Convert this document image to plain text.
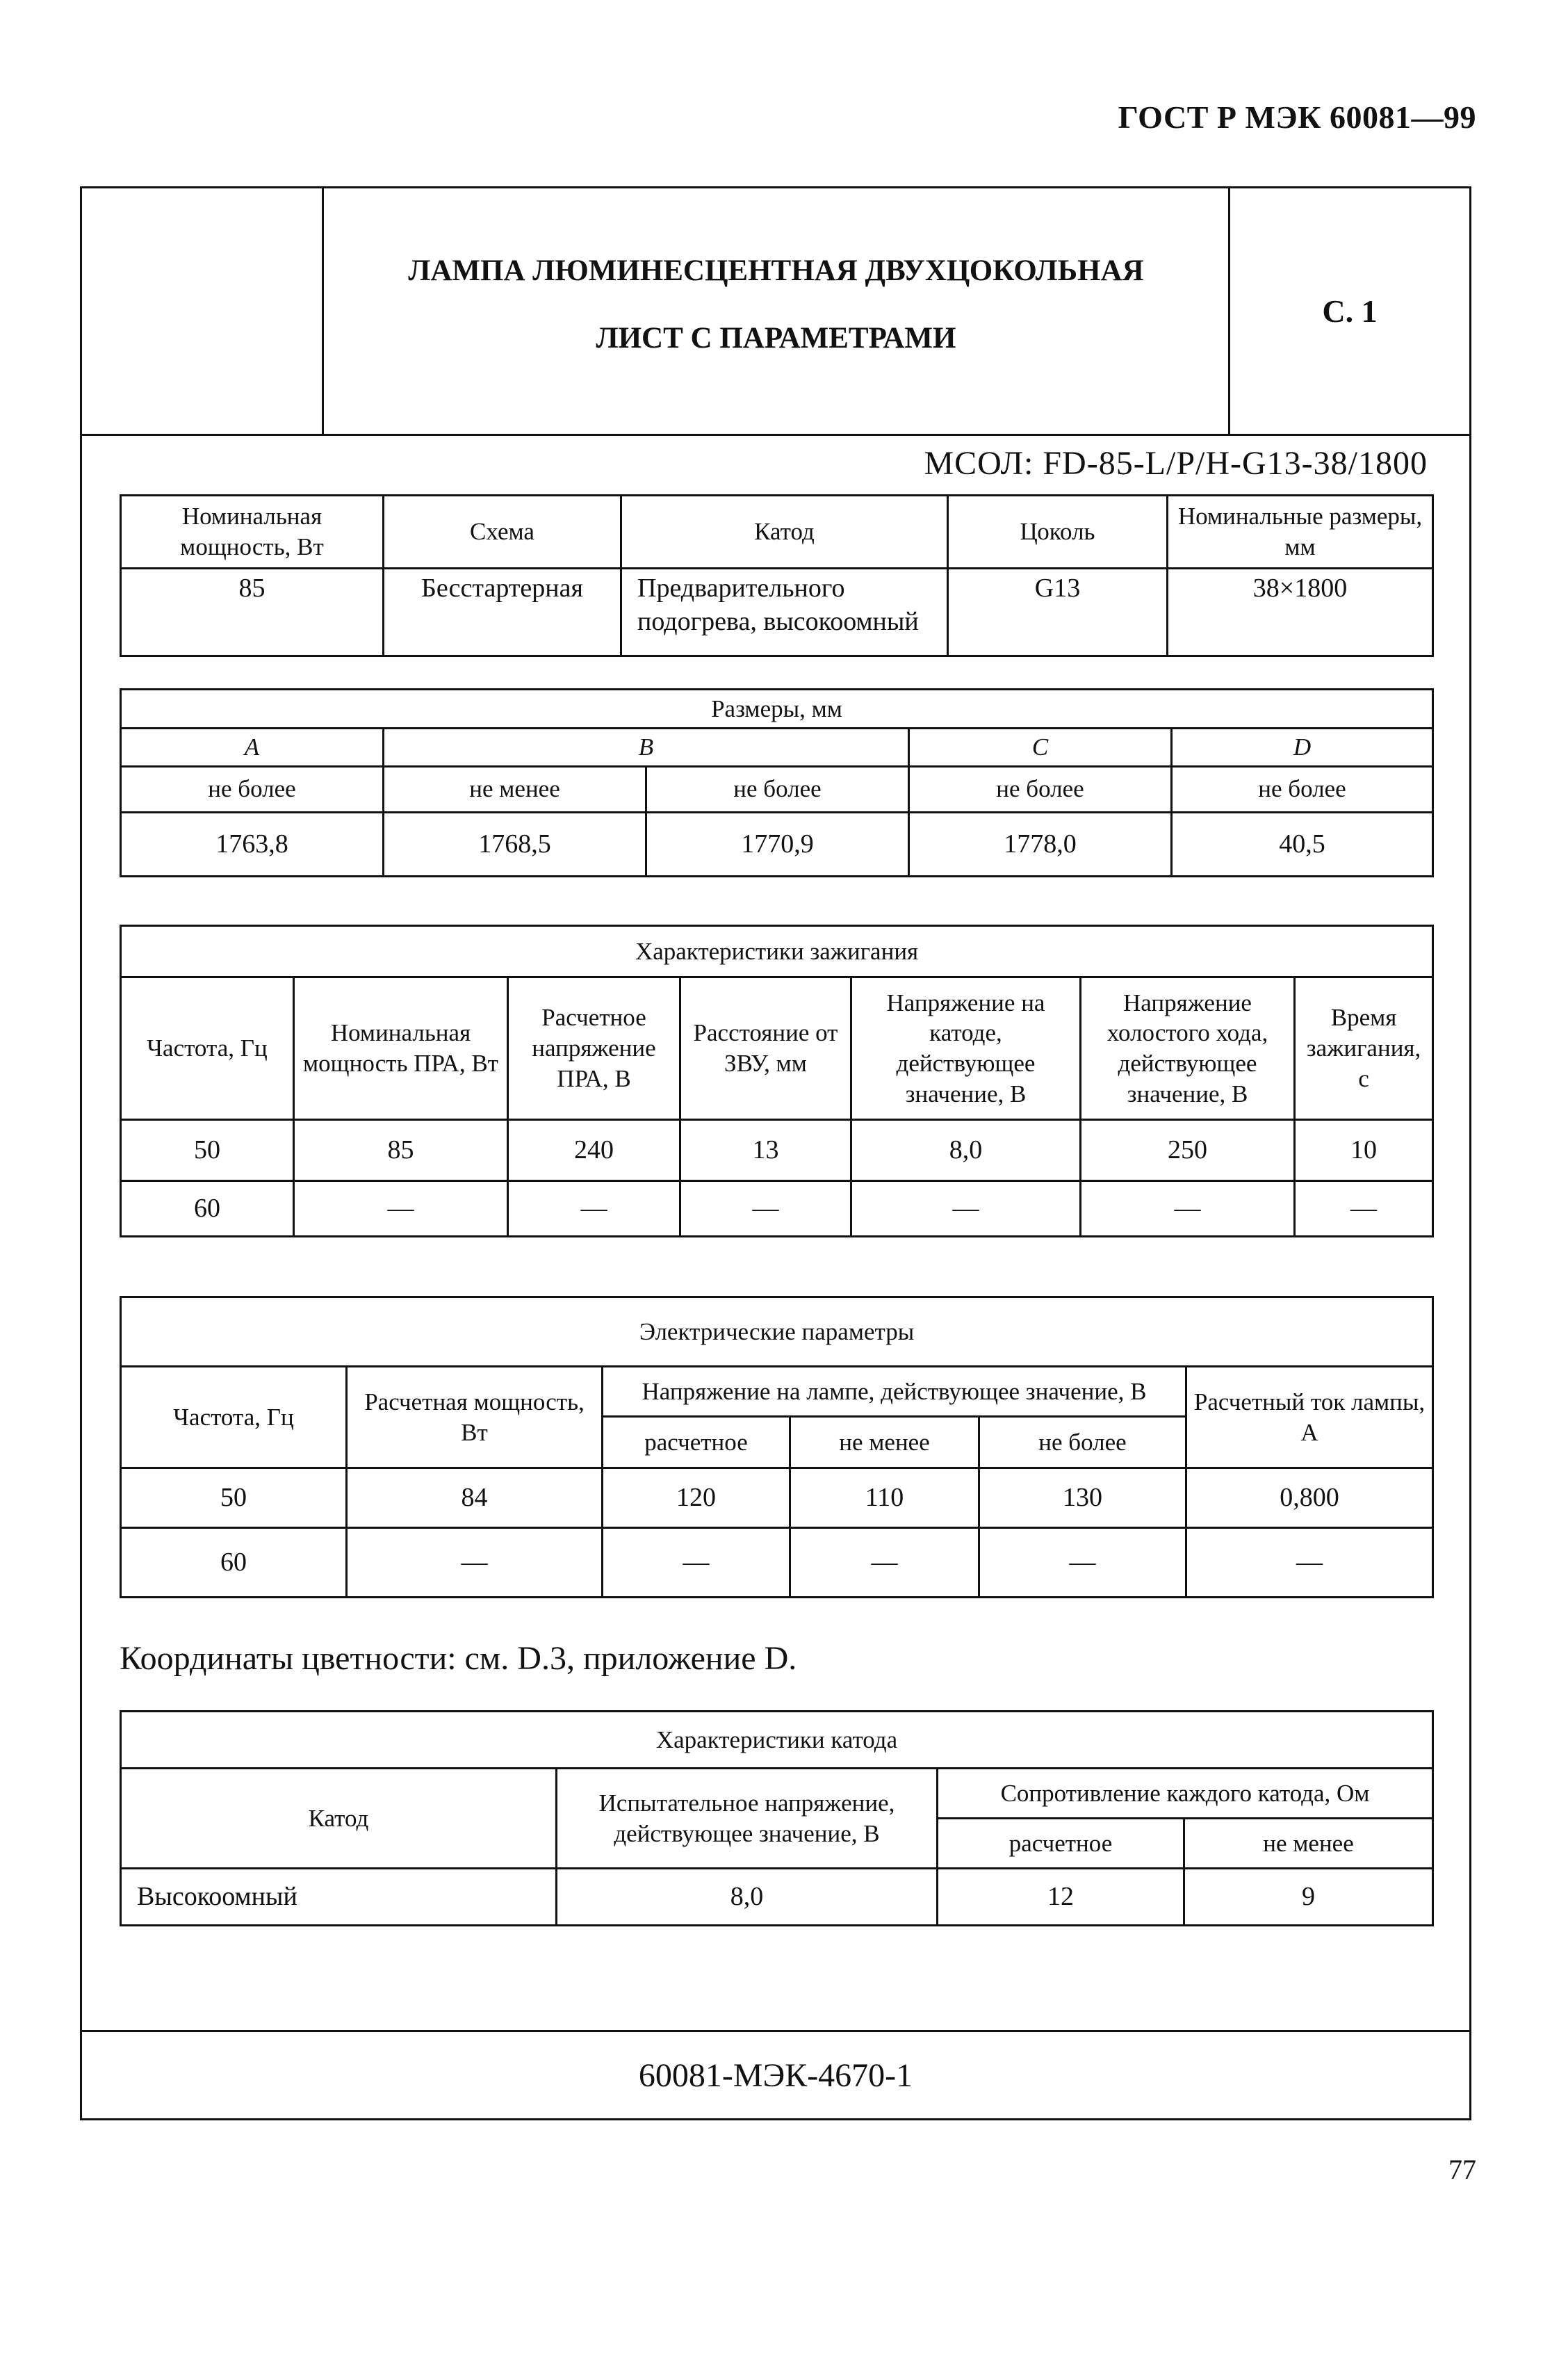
ГОСТ Р МЭК 60081—99
ЛАМПА ЛЮМИНЕСЦЕНТНАЯ ДВУХЦОКОЛЬНАЯ
ЛИСТ С ПАРАМЕТРАМИ
С. 1
МСОЛ: FD-85-L/P/H-G13-38/1800
Номинальная мощность, Вт	Схема	Катод	Цоколь	Номинальные размеры, мм
85	Бесстартерная	Предварительного подогрева, высокоомный	G13	38×1800
Размеры, мм				
A	B		C	D
не более	не менее	не более	не более	не более
1763,8	1768,5	1770,9	1778,0	40,5
Характеристики зажигания						
Частота, Гц	Номинальная мощность ПРА, Вт	Расчетное напряжение ПРА, В	Расстояние от ЗВУ, мм	Напряжение на катоде, действующее значение, В	Напряжение холостого хода, действующее значение, В	Время зажигания, с
50	85	240	13	8,0	250	10
60	—	—	—	—	—	—
Электрические параметры					
Частота, Гц	Расчетная мощность, Вт	Напряжение на лампе, действующее значение, В			Расчетный ток лампы, А
		расчетное	не менее	не более	
50	84	120	110	130	0,800
60	—	—	—	—	—
Координаты цветности: см. D.3, приложение D.
Характеристики катода			
Катод	Испытательное напряжение, действующее значение, В	Сопротивление каждого катода, Ом	
		расчетное	не менее
Высокоомный	8,0	12	9
60081-МЭК-4670-1
77
